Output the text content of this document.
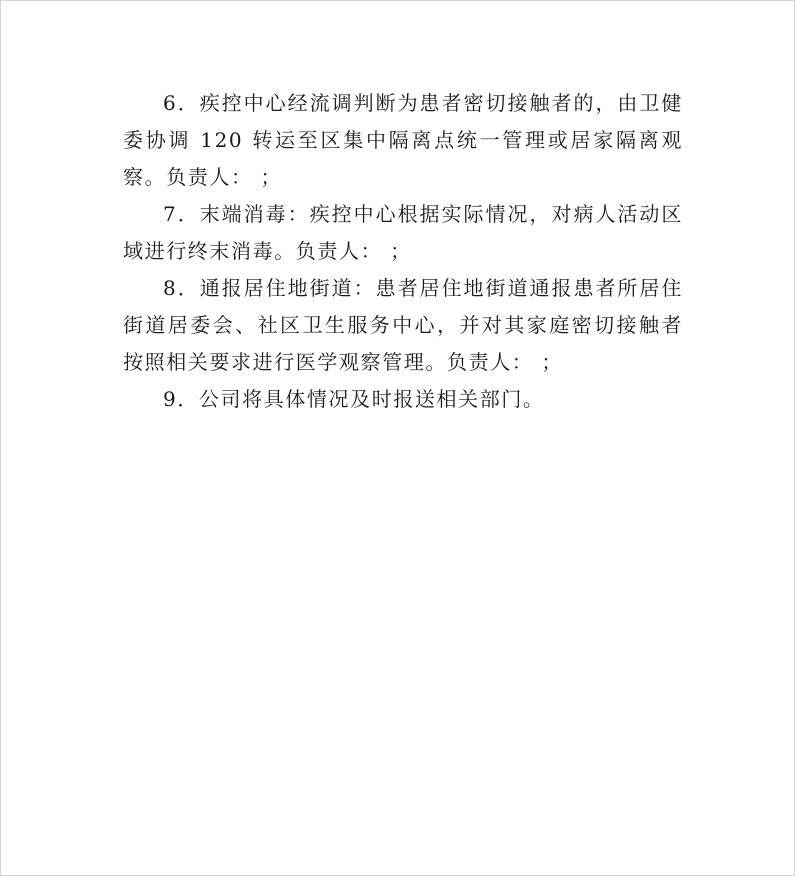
6．疾控中心经流调判断为患者密切接触者的，由卫健委协调 120 转运至区集中隔离点统一管理或居家隔离观察。负责人： ；

7．末端消毒：疾控中心根据实际情况，对病人活动区域进行终末消毒。负责人： ；

8．通报居住地街道：患者居住地街道通报患者所居住街道居委会、社区卫生服务中心，并对其家庭密切接触者按照相关要求进行医学观察管理。负责人： ；

9．公司将具体情况及时报送相关部门。
